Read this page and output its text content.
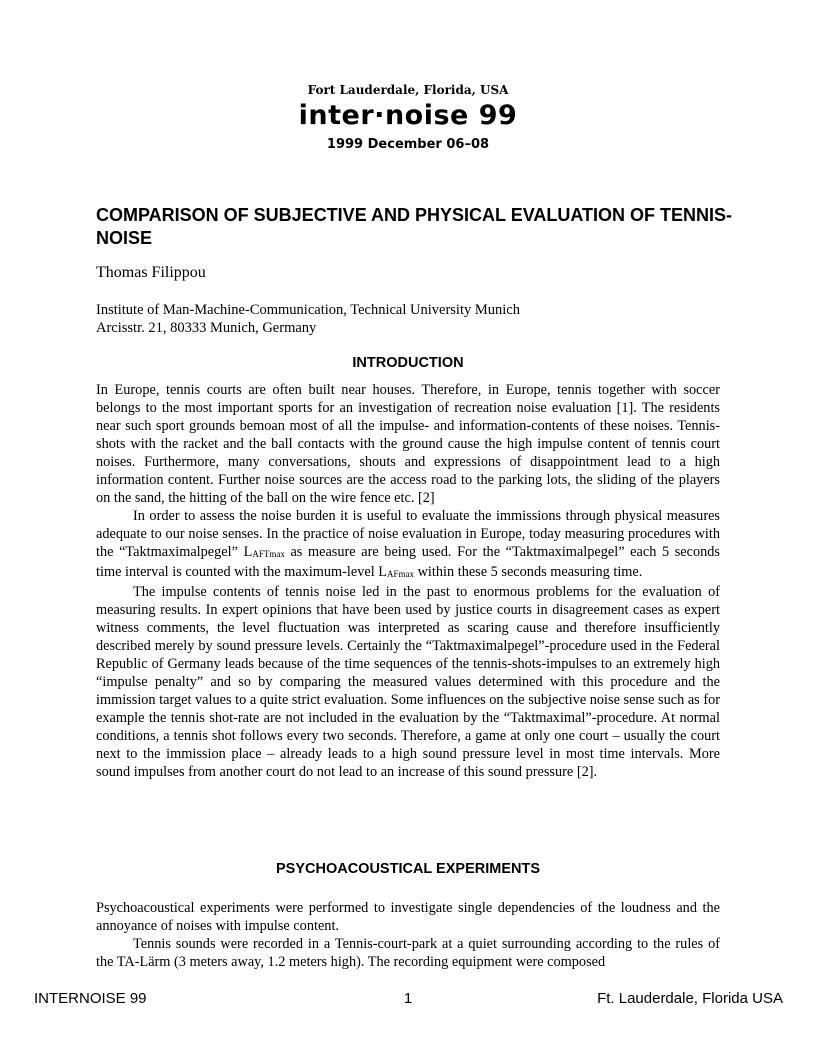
Fort Lauderdale, Florida, USA
inter·noise 99
1999 December 06–08
COMPARISON OF SUBJECTIVE AND PHYSICAL EVALUATION OF TENNIS-NOISE
Thomas Filippou
Institute of Man-Machine-Communication, Technical University Munich
Arcisstr. 21, 80333 Munich, Germany
INTRODUCTION

In Europe, tennis courts are often built near houses. Therefore, in Europe, tennis together with soccer belongs to the most important sports for an investigation of recreation noise evaluation [1]. The residents near such sport grounds bemoan most of all the impulse- and information-contents of these noises. Tennis-shots with the racket and the ball contacts with the ground cause the high impulse content of tennis court noises. Furthermore, many conversations, shouts and expressions of disappointment lead to a high information content. Further noise sources are the access road to the parking lots, the sliding of the players on the sand, the hitting of the ball on the wire fence etc. [2]

In order to assess the noise burden it is useful to evaluate the immissions through physical measures adequate to our noise senses. In the practice of noise evaluation in Europe, today measuring procedures with the “Taktmaximalpegel” $L_{AFTmax}$ as measure are being used. For the “Taktmaximalpegel” each 5 seconds time interval is counted with the maximum-level $L_{AFmax}$ within these 5 seconds measuring time.

The impulse contents of tennis noise led in the past to enormous problems for the evaluation of measuring results. In expert opinions that have been used by justice courts in disagreement cases as expert witness comments, the level fluctuation was interpreted as scaring cause and therefore insufficiently described merely by sound pressure levels. Certainly the “Taktmaximalpegel”-procedure used in the Federal Republic of Germany leads because of the time sequences of the tennis-shots-impulses to an extremely high “impulse penalty” and so by comparing the measured values determined with this procedure and the immission target values to a quite strict evaluation. Some influences on the subjective noise sense such as for example the tennis shot-rate are not included in the evaluation by the “Taktmaximal”-procedure. At normal conditions, a tennis shot follows every two seconds. Therefore, a game at only one court – usually the court next to the immission place – already leads to a high sound pressure level in most time intervals. More sound impulses from another court do not lead to an increase of this sound pressure [2].

PSYCHOACOUSTICAL EXPERIMENTS

Psychoacoustical experiments were performed to investigate single dependencies of the loudness and the annoyance of noises with impulse content.

Tennis sounds were recorded in a Tennis-court-park at a quiet surrounding according to the rules of the TA-Lärm (3 meters away, 1.2 meters high). The recording equipment were composed

INTERNOISE 99	1	Ft. Lauderdale, Florida USA
